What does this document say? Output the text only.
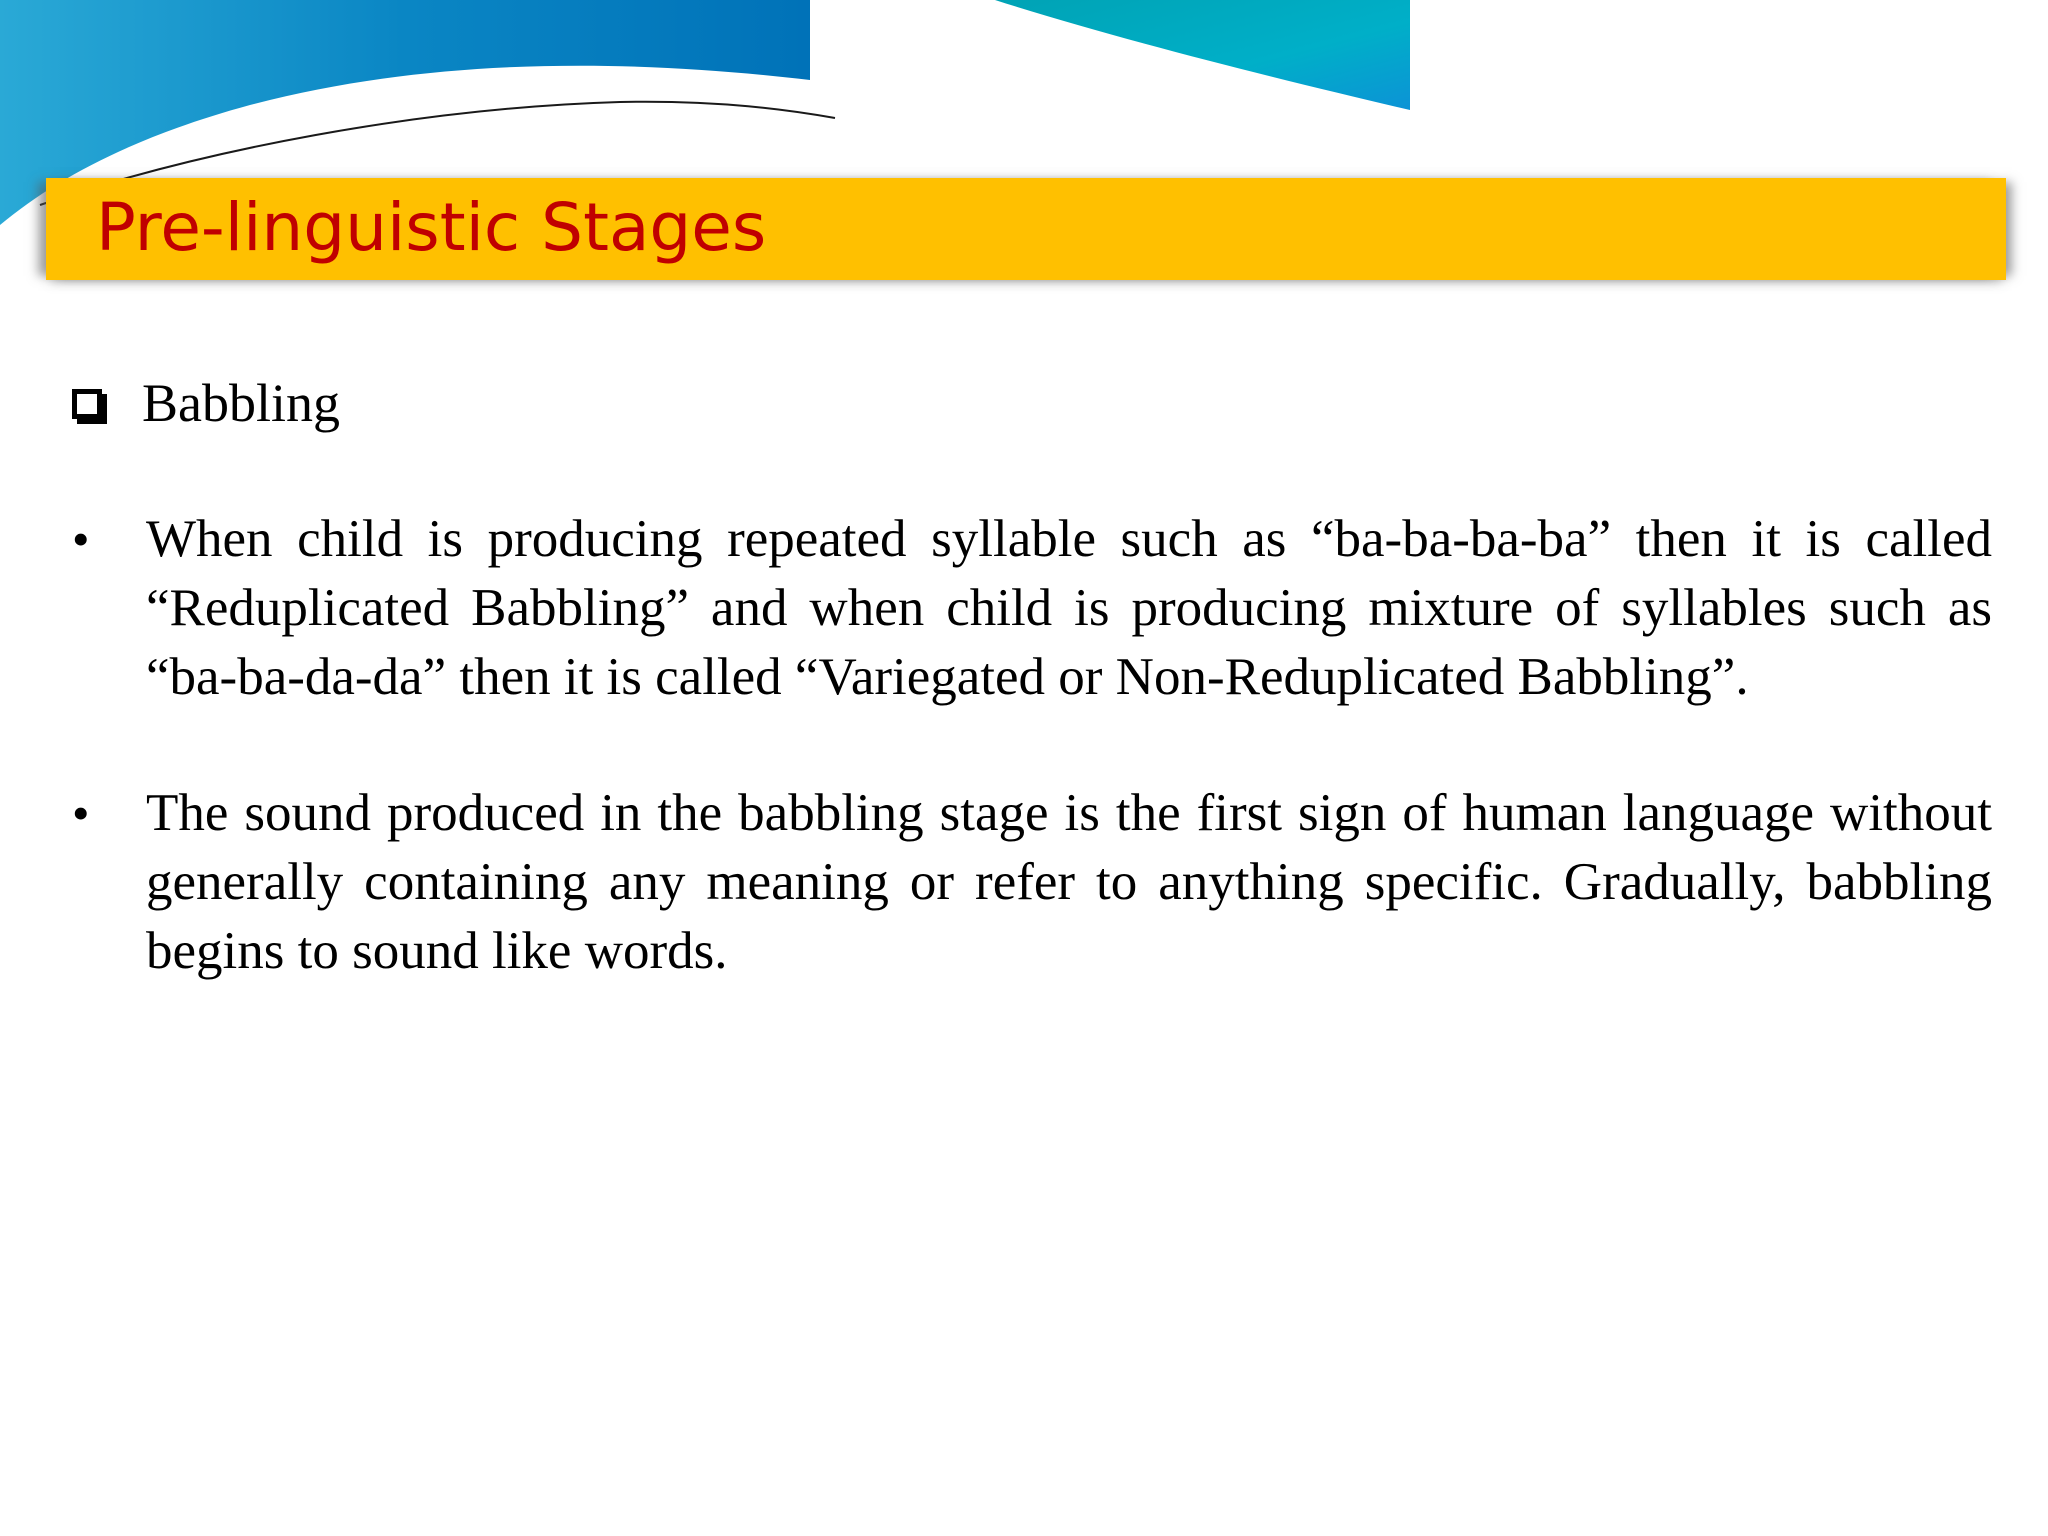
Pre-linguistic Stages
Babbling
• When child is producing repeated syllable such as “ba-ba-ba-ba” then it is called “Reduplicated Babbling” and when child is producing mixture of syllables such as “ba-ba-da-da” then it is called “Variegated or Non-Reduplicated Babbling”.
• The sound produced in the babbling stage is the first sign of human language without generally containing any meaning or refer to anything specific. Gradually, babbling begins to sound like words.
